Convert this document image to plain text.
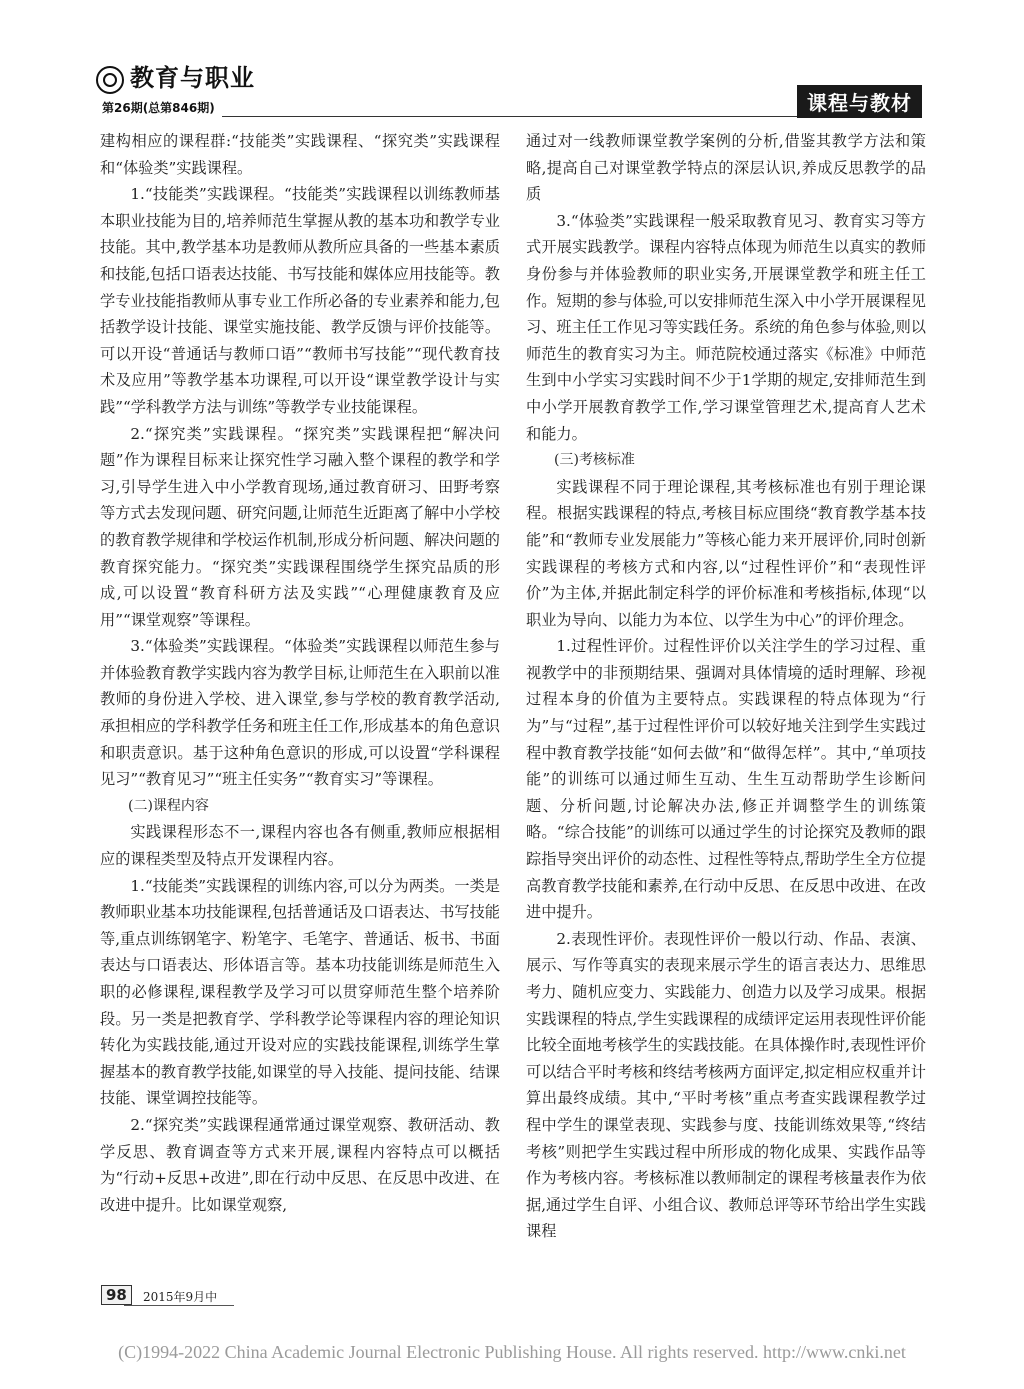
教育与职业
第26期(总第846期)	课程与教材

建构相应的课程群:“技能类”实践课程、“探究类”实践课程和“体验类”实践课程。

1.“技能类”实践课程。“技能类”实践课程以训练教师基本职业技能为目的,培养师范生掌握从教的基本功和教学专业技能。其中,教学基本功是教师从教所应具备的一些基本素质和技能,包括口语表达技能、书写技能和媒体应用技能等。教学专业技能指教师从事专业工作所必备的专业素养和能力,包括教学设计技能、课堂实施技能、教学反馈与评价技能等。可以开设“普通话与教师口语”“教师书写技能”“现代教育技术及应用”等教学基本功课程,可以开设“课堂教学设计与实践”“学科教学方法与训练”等教学专业技能课程。

2.“探究类”实践课程。“探究类”实践课程把“解决问题”作为课程目标来让探究性学习融入整个课程的教学和学习,引导学生进入中小学教育现场,通过教育研习、田野考察等方式去发现问题、研究问题,让师范生近距离了解中小学校的教育教学规律和学校运作机制,形成分析问题、解决问题的教育探究能力。“探究类”实践课程围绕学生探究品质的形成,可以设置“教育科研方法及实践”“心理健康教育及应用”“课堂观察”等课程。

3.“体验类”实践课程。“体验类”实践课程以师范生参与并体验教育教学实践内容为教学目标,让师范生在入职前以准教师的身份进入学校、进入课堂,参与学校的教育教学活动,承担相应的学科教学任务和班主任工作,形成基本的角色意识和职责意识。基于这种角色意识的形成,可以设置“学科课程见习”“教育见习”“班主任实务”“教育实习”等课程。

(二)课程内容

实践课程形态不一,课程内容也各有侧重,教师应根据相应的课程类型及特点开发课程内容。

1.“技能类”实践课程的训练内容,可以分为两类。一类是教师职业基本功技能课程,包括普通话及口语表达、书写技能等,重点训练钢笔字、粉笔字、毛笔字、普通话、板书、书面表达与口语表达、形体语言等。基本功技能训练是师范生入职的必修课程,课程教学及学习可以贯穿师范生整个培养阶段。另一类是把教育学、学科教学论等课程内容的理论知识转化为实践技能,通过开设对应的实践技能课程,训练学生掌握基本的教育教学技能,如课堂的导入技能、提问技能、结课技能、课堂调控技能等。

2.“探究类”实践课程通常通过课堂观察、教研活动、教学反思、教育调查等方式来开展,课程内容特点可以概括为“行动+反思+改进”,即在行动中反思、在反思中改进、在改进中提升。比如课堂观察,

通过对一线教师课堂教学案例的分析,借鉴其教学方法和策略,提高自己对课堂教学特点的深层认识,养成反思教学的品质

3.“体验类”实践课程一般采取教育见习、教育实习等方式开展实践教学。课程内容特点体现为师范生以真实的教师身份参与并体验教师的职业实务,开展课堂教学和班主任工作。短期的参与体验,可以安排师范生深入中小学开展课程见习、班主任工作见习等实践任务。系统的角色参与体验,则以师范生的教育实习为主。师范院校通过落实《标准》中师范生到中小学实习实践时间不少于1学期的规定,安排师范生到中小学开展教育教学工作,学习课堂管理艺术,提高育人艺术和能力。

(三)考核标准

实践课程不同于理论课程,其考核标准也有别于理论课程。根据实践课程的特点,考核目标应围绕“教育教学基本技能”和“教师专业发展能力”等核心能力来开展评价,同时创新实践课程的考核方式和内容,以“过程性评价”和“表现性评价”为主体,并据此制定科学的评价标准和考核指标,体现“以职业为导向、以能力为本位、以学生为中心”的评价理念。

1.过程性评价。过程性评价以关注学生的学习过程、重视教学中的非预期结果、强调对具体情境的适时理解、珍视过程本身的价值为主要特点。实践课程的特点体现为“行为”与“过程”,基于过程性评价可以较好地关注到学生实践过程中教育教学技能“如何去做”和“做得怎样”。其中,“单项技能”的训练可以通过师生互动、生生互动帮助学生诊断问题、分析问题,讨论解决办法,修正并调整学生的训练策略。“综合技能”的训练可以通过学生的讨论探究及教师的跟踪指导突出评价的动态性、过程性等特点,帮助学生全方位提高教育教学技能和素养,在行动中反思、在反思中改进、在改进中提升。

2.表现性评价。表现性评价一般以行动、作品、表演、展示、写作等真实的表现来展示学生的语言表达力、思维思考力、随机应变力、实践能力、创造力以及学习成果。根据实践课程的特点,学生实践课程的成绩评定运用表现性评价能比较全面地考核学生的实践技能。在具体操作时,表现性评价可以结合平时考核和终结考核两方面评定,拟定相应权重并计算出最终成绩。其中,“平时考核”重点考查实践课程教学过程中学生的课堂表现、实践参与度、技能训练效果等,“终结考核”则把学生实践过程中所形成的物化成果、实践作品等作为考核内容。考核标准以教师制定的课程考核量表作为依据,通过学生自评、小组合议、教师总评等环节给出学生实践课程

98	2015年9月中
(C)1994-2022 China Academic Journal Electronic Publishing House. All rights reserved. http://www.cnki.net
